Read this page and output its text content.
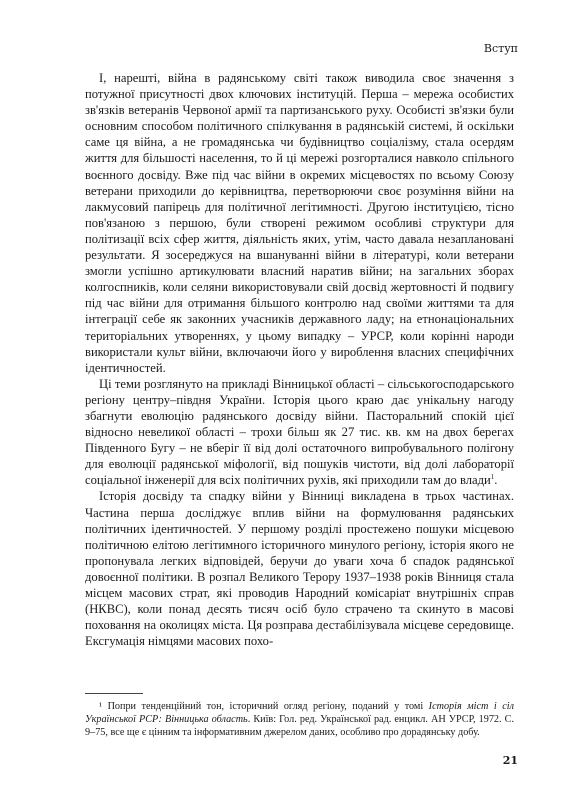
Вступ

І, нарешті, війна в радянському світі також виводила своє значення з потужної присутності двох ключових інституцій. Перша – мережа особистих зв'язків ветеранів Червоної армії та партизанського руху. Особисті зв'язки були основним способом політичного спілкування в радянській системі, й оскільки саме ця війна, а не громадянська чи будівництво соціалізму, стала осердям життя для більшості населення, то й ці мережі розгорталися навколо спільного воєнного досвіду. Вже під час війни в окремих місцевостях по всьому Союзу ветерани приходили до керівництва, перетворюючи своє розуміння війни на лакмусовий папірець для політичної легітимності. Другою інституцією, тісно пов'язаною з першою, були створені режимом особливі структури для політизації всіх сфер життя, діяльність яких, утім, часто давала незаплановані результати. Я зосереджуся на вшануванні війни в літературі, коли ветерани змогли успішно артикулювати власний наратив війни; на загальних зборах колгоспників, коли селяни використовували свій досвід жертовності й подвигу під час війни для отримання більшого контролю над своїми життями та для інтеграції себе як законних учасників державного ладу; на етнонаціональних територіальних утвореннях, у цьому випадку – УРСР, коли корінні народи використали культ війни, включаючи його у вироблення власних специфічних ідентичностей.

Ці теми розглянуто на прикладі Вінницької області – сільськогосподарського регіону центру–півдня України. Історія цього краю дає унікальну нагоду збагнути еволюцію радянського досвіду війни. Пасторальний спокій цієї відносно невеликої області – трохи більш як 27 тис. кв. км на двох берегах Південного Бугу – не вберіг її від долі остаточного випробувального полігону для еволюції радянської міфології, від пошуків чистоти, від долі лабораторії соціальної інженерії для всіх політичних рухів, які приходили там до влади$^1$.

Історія досвіду та спадку війни у Вінниці викладена в трьох частинах. Частина перша досліджує вплив війни на формулювання радянських політичних ідентичностей. У першому розділі простежено пошуки місцевою політичною елітою легітимного історичного минулого регіону, історія якого не пропонувала легких відповідей, беручи до уваги хоча б спадок радянської довоєнної політики. В розпал Великого Терору 1937–1938 років Вінниця стала місцем масових страт, які проводив Народний комісаріат внутрішніх справ (НКВС), коли понад десять тисяч осіб було страчено та скинуто в масові поховання на околицях міста. Ця розправа дестабілізувала місцеве середовище. Ексгумація німцями масових похо-

¹ Попри тенденційний тон, історичний огляд регіону, поданий у томі Історія міст і сіл Української РСР: Вінницька область. Київ: Гол. ред. Української рад. енцикл. АН УРСР, 1972. С. 9–75, все ще є цінним та інформативним джерелом даних, особливо про дорадянську добу.

21
